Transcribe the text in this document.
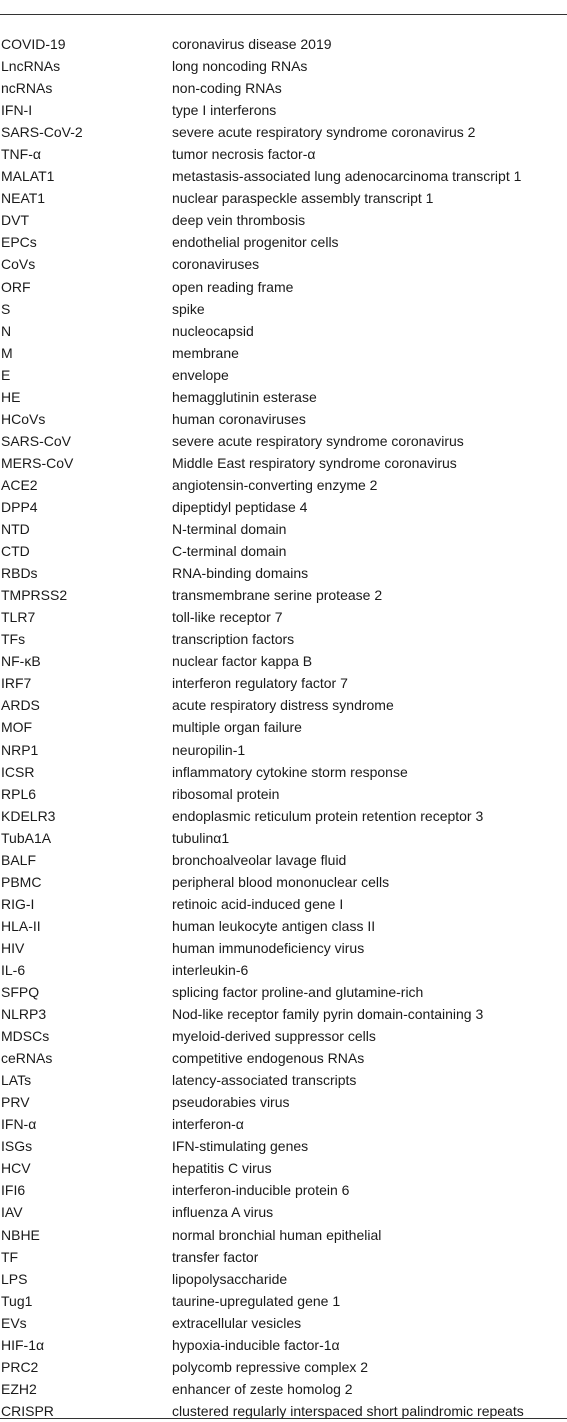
COVID-19	coronavirus disease 2019
LncRNAs	long noncoding RNAs
ncRNAs	non-coding RNAs
IFN-I	type I interferons
SARS-CoV-2	severe acute respiratory syndrome coronavirus 2
TNF-α	tumor necrosis factor-α
MALAT1	metastasis-associated lung adenocarcinoma transcript 1
NEAT1	nuclear paraspeckle assembly transcript 1
DVT	deep vein thrombosis
EPCs	endothelial progenitor cells
CoVs	coronaviruses
ORF	open reading frame
S	spike
N	nucleocapsid
M	membrane
E	envelope
HE	hemagglutinin esterase
HCoVs	human coronaviruses
SARS-CoV	severe acute respiratory syndrome coronavirus
MERS-CoV	Middle East respiratory syndrome coronavirus
ACE2	angiotensin-converting enzyme 2
DPP4	dipeptidyl peptidase 4
NTD	N-terminal domain
CTD	C-terminal domain
RBDs	RNA-binding domains
TMPRSS2	transmembrane serine protease 2
TLR7	toll-like receptor 7
TFs	transcription factors
NF-κB	nuclear factor kappa B
IRF7	interferon regulatory factor 7
ARDS	acute respiratory distress syndrome
MOF	multiple organ failure
NRP1	neuropilin-1
ICSR	inflammatory cytokine storm response
RPL6	ribosomal protein
KDELR3	endoplasmic reticulum protein retention receptor 3
TubA1A	tubulinα1
BALF	bronchoalveolar lavage fluid
PBMC	peripheral blood mononuclear cells
RIG-I	retinoic acid-induced gene I
HLA-II	human leukocyte antigen class II
HIV	human immunodeficiency virus
IL-6	interleukin-6
SFPQ	splicing factor proline-and glutamine-rich
NLRP3	Nod-like receptor family pyrin domain-containing 3
MDSCs	myeloid-derived suppressor cells
ceRNAs	competitive endogenous RNAs
LATs	latency-associated transcripts
PRV	pseudorabies virus
IFN-α	interferon-α
ISGs	IFN-stimulating genes
HCV	hepatitis C virus
IFI6	interferon-inducible protein 6
IAV	influenza A virus
NBHE	normal bronchial human epithelial
TF	transfer factor
LPS	lipopolysaccharide
Tug1	taurine-upregulated gene 1
EVs	extracellular vesicles
HIF-1α	hypoxia-inducible factor-1α
PRC2	polycomb repressive complex 2
EZH2	enhancer of zeste homolog 2
CRISPR	clustered regularly interspaced short palindromic repeats
